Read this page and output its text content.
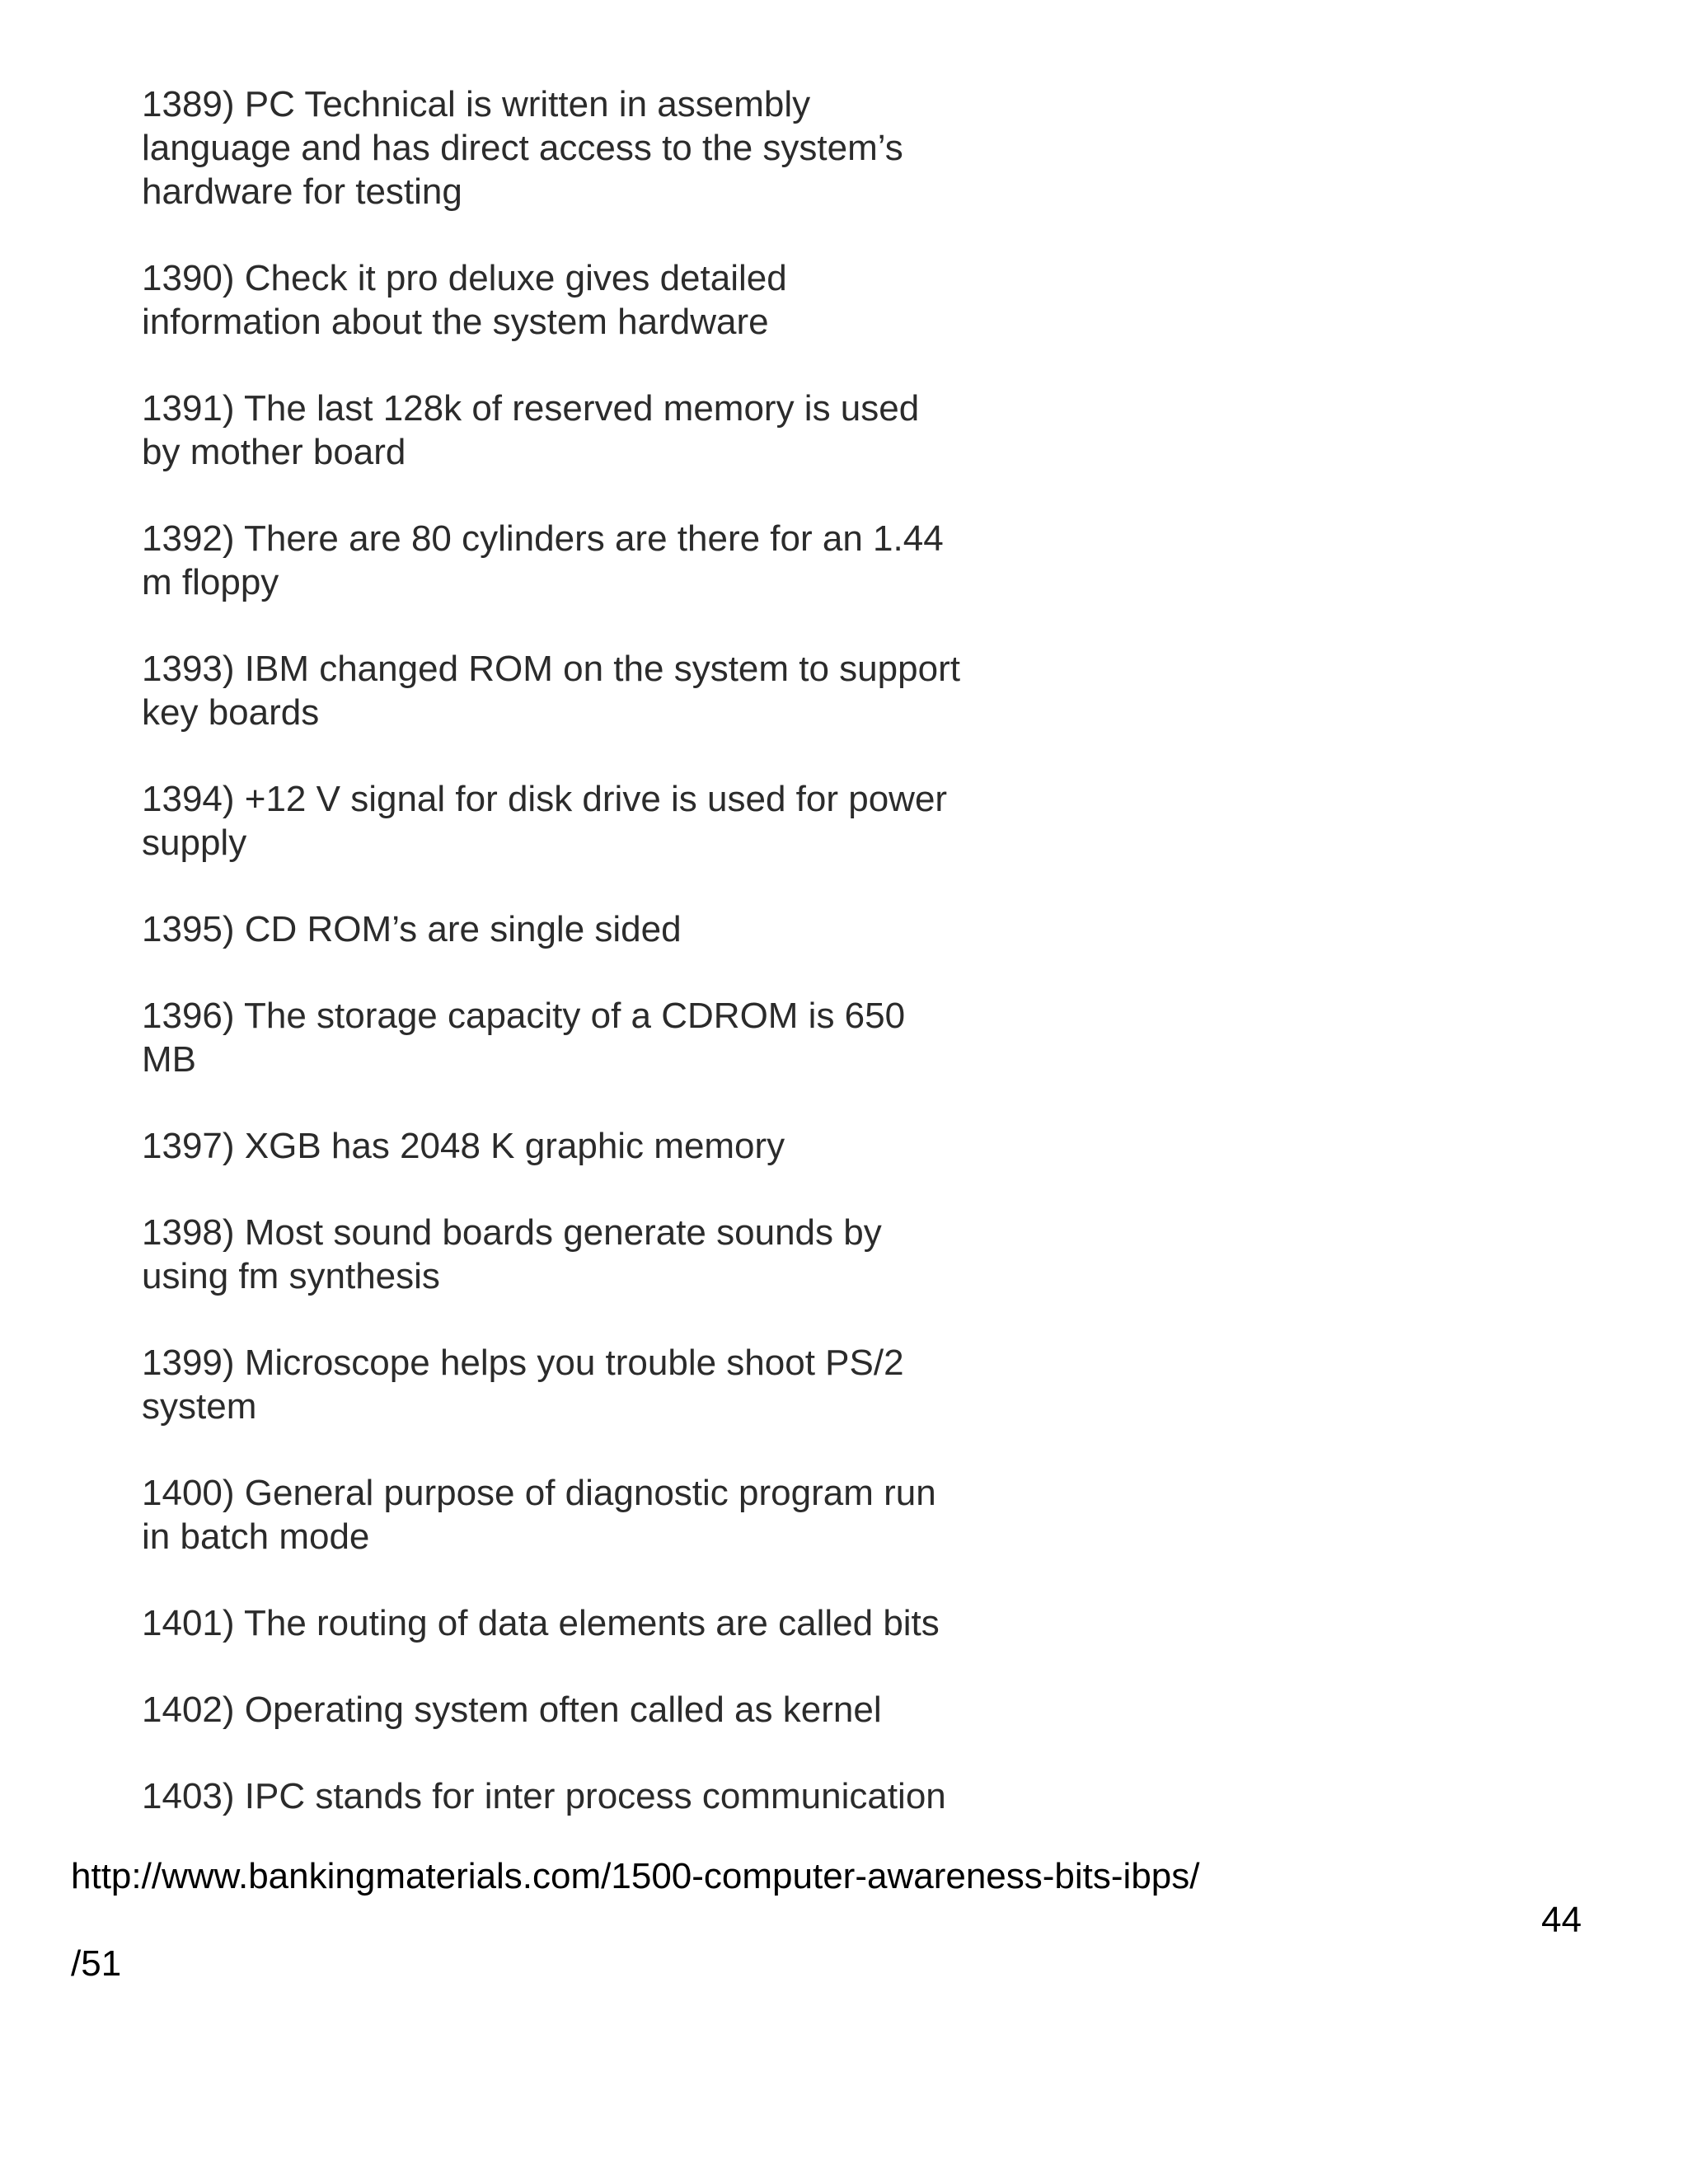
1389) PC Technical is written in assembly
language and has direct access to the system’s
hardware for testing
1390) Check it pro deluxe gives detailed
information about the system hardware
1391) The last 128k of reserved memory is used
by mother board
1392) There are 80 cylinders are there for an 1.44
m floppy
1393) IBM changed ROM on the system to support
key boards
1394) +12 V signal for disk drive is used for power
supply
1395) CD ROM’s are single sided
1396) The storage capacity of a CDROM is 650
MB
1397) XGB has 2048 K graphic memory
1398) Most sound boards generate sounds by
using fm synthesis
1399) Microscope helps you trouble shoot PS/2
system
1400) General purpose of diagnostic program run
in batch mode
1401) The routing of data elements are called bits
1402) Operating system often called as kernel
1403) IPC stands for inter process communication
http://www.bankingmaterials.com/1500-computer-awareness-bits-ibps/
44
/51
